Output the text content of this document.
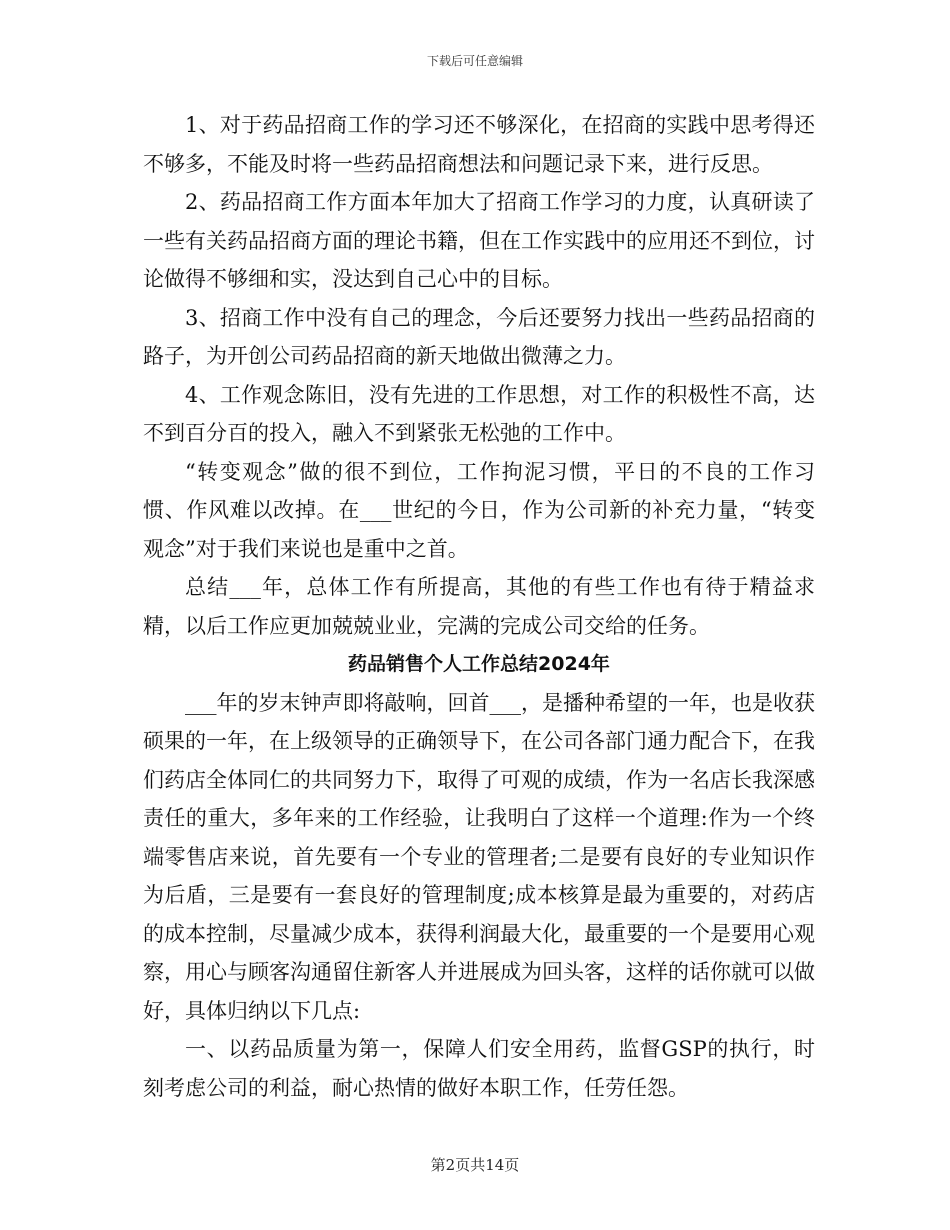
下载后可任意编辑

1、对于药品招商工作的学习还不够深化，在招商的实践中思考得还不够多，不能及时将一些药品招商想法和问题记录下来，进行反思。

2、药品招商工作方面本年加大了招商工作学习的力度，认真研读了一些有关药品招商方面的理论书籍，但在工作实践中的应用还不到位，讨论做得不够细和实，没达到自己心中的目标。

3、招商工作中没有自己的理念，今后还要努力找出一些药品招商的路子，为开创公司药品招商的新天地做出微薄之力。

4、工作观念陈旧，没有先进的工作思想，对工作的积极性不高，达不到百分百的投入，融入不到紧张无松弛的工作中。

“转变观念”做的很不到位，工作拘泥习惯，平日的不良的工作习惯、作风难以改掉。在___世纪的今日，作为公司新的补充力量，“转变观念”对于我们来说也是重中之首。

总结___年，总体工作有所提高，其他的有些工作也有待于精益求精，以后工作应更加兢兢业业，完满的完成公司交给的任务。

药品销售个人工作总结2024年

___年的岁末钟声即将敲响，回首___，是播种希望的一年，也是收获硕果的一年，在上级领导的正确领导下，在公司各部门通力配合下，在我们药店全体同仁的共同努力下，取得了可观的成绩，作为一名店长我深感责任的重大，多年来的工作经验，让我明白了这样一个道理:作为一个终端零售店来说，首先要有一个专业的管理者;二是要有良好的专业知识作为后盾，三是要有一套良好的管理制度;成本核算是最为重要的，对药店的成本控制，尽量减少成本，获得利润最大化，最重要的一个是要用心观察，用心与顾客沟通留住新客人并进展成为回头客，这样的话你就可以做好，具体归纳以下几点:

一、以药品质量为第一，保障人们安全用药，监督GSP的执行，时刻考虑公司的利益，耐心热情的做好本职工作，任劳任怨。

第2页共14页
